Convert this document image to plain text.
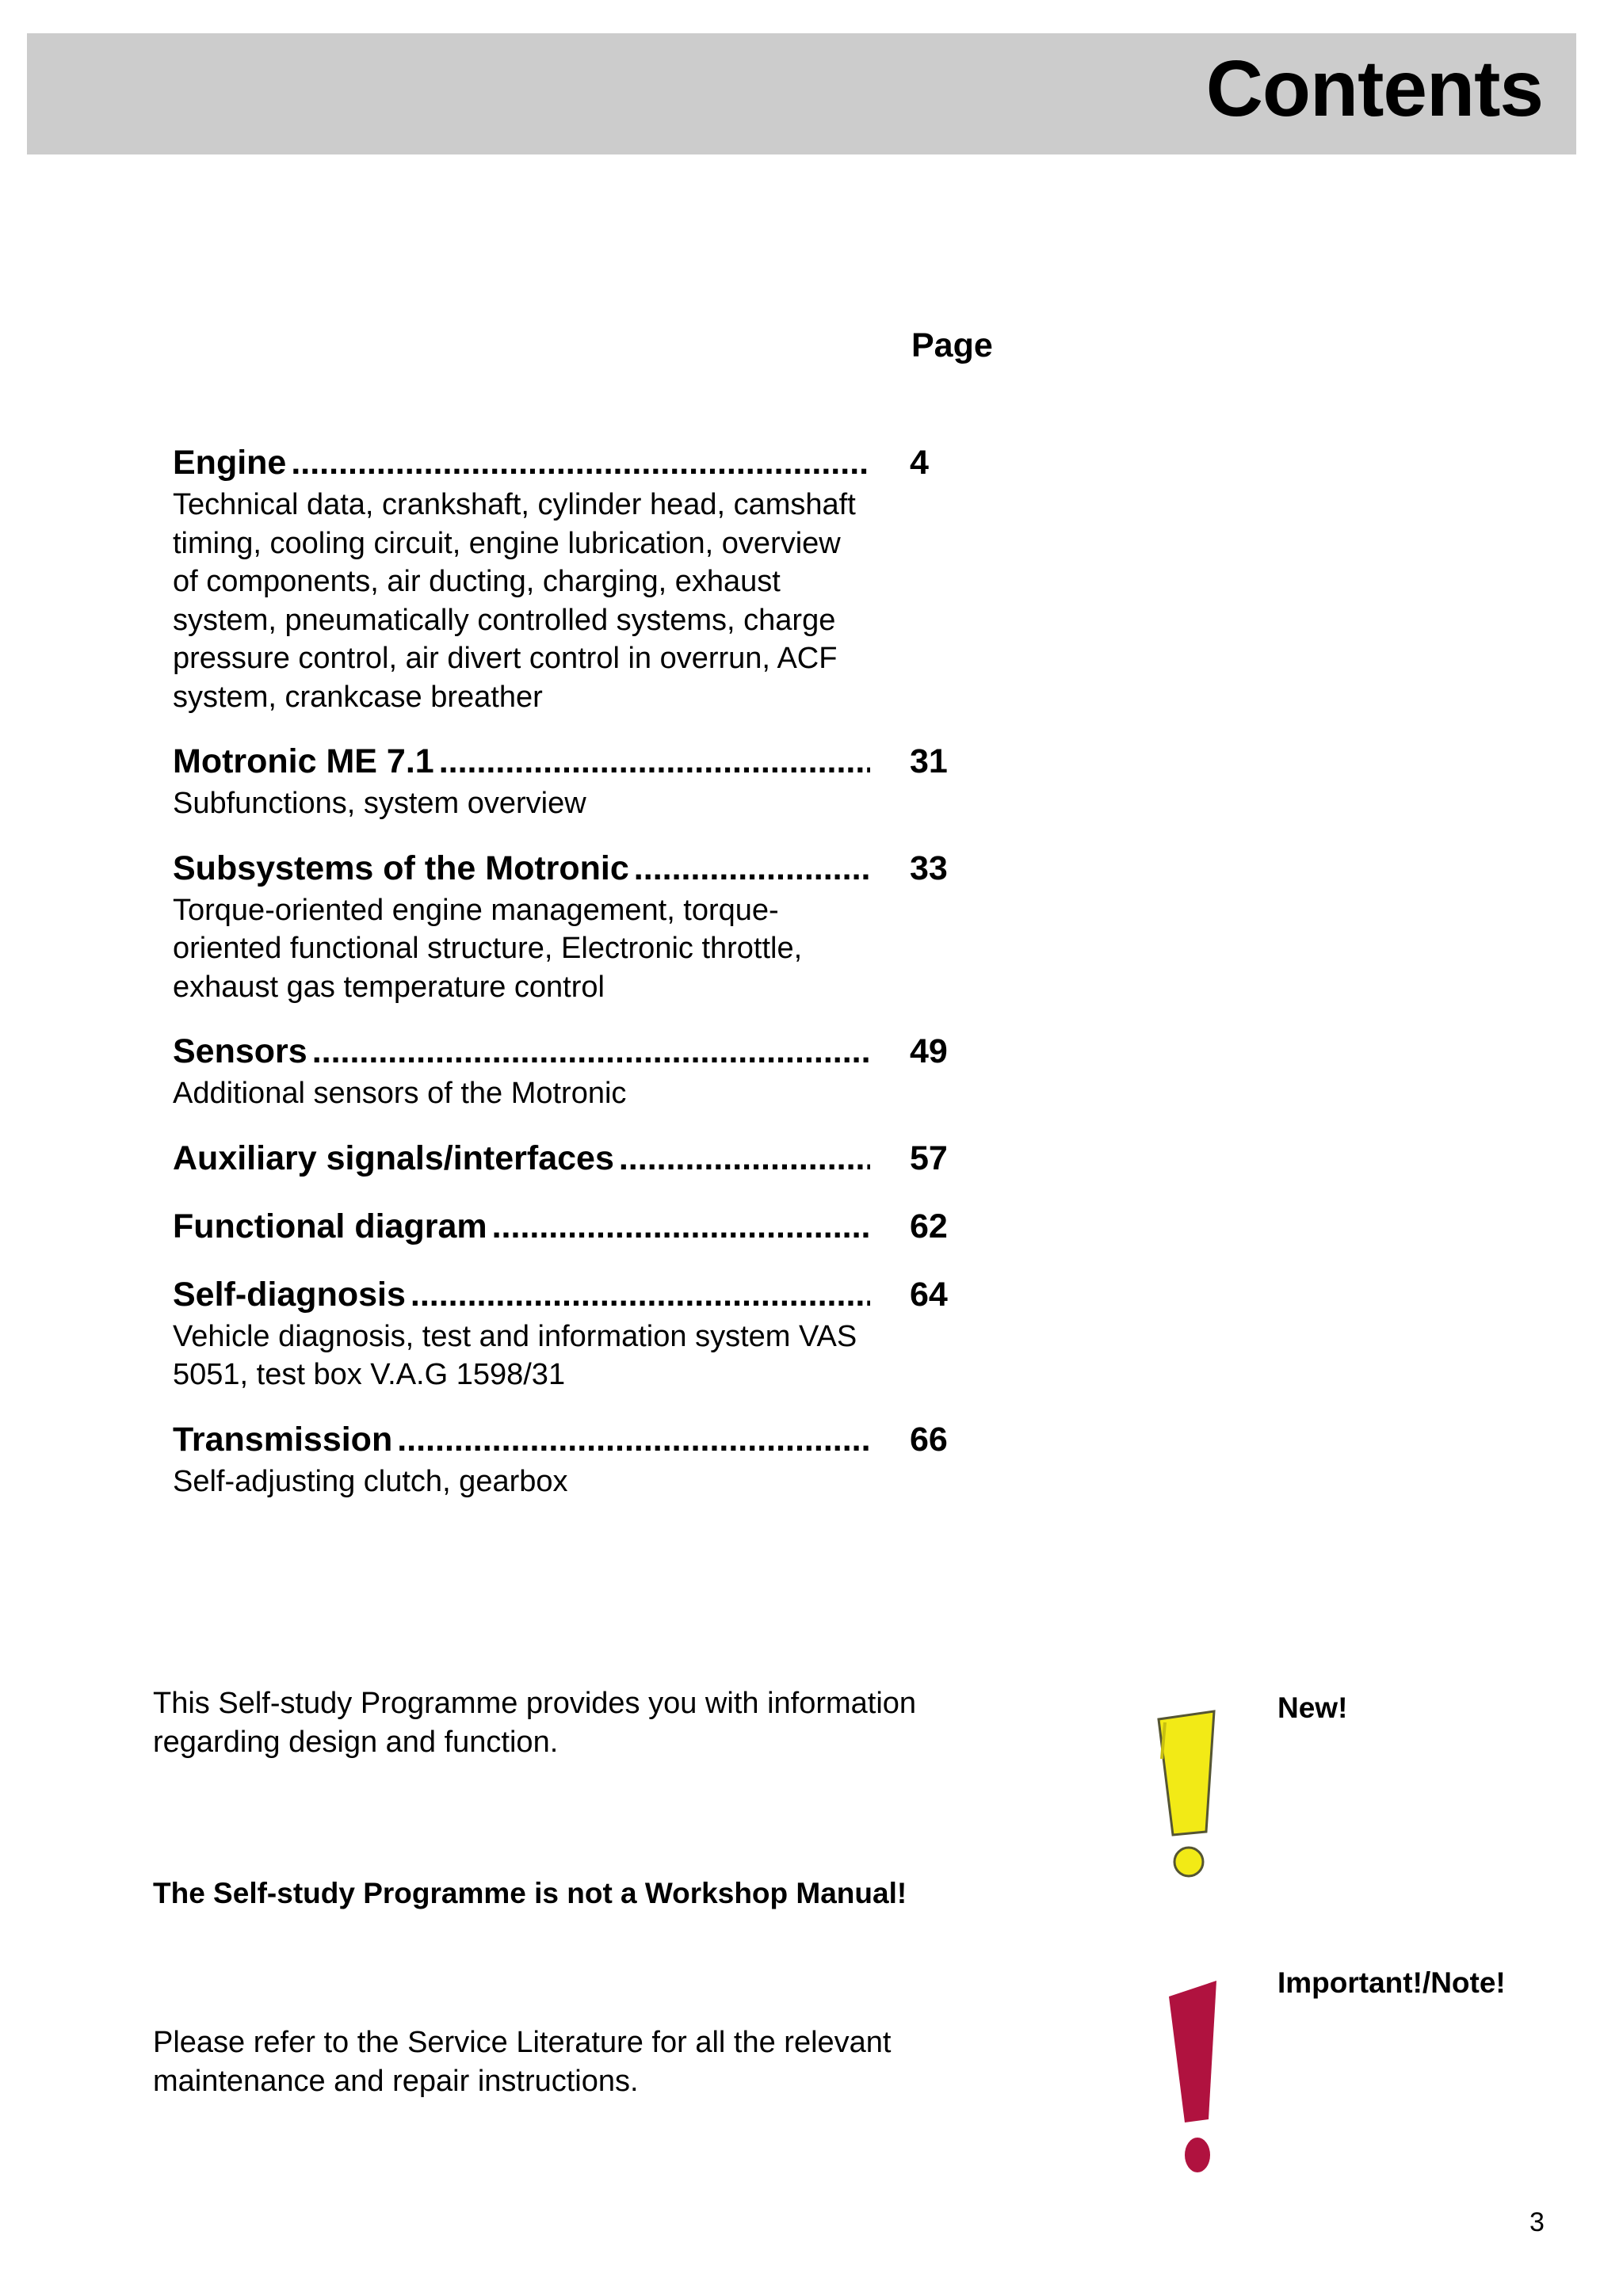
Contents
Page
Engine .....	4
Technical data, crankshaft, cylinder head, camshaft timing, cooling circuit, engine lubrication, overview of components, air ducting, charging, exhaust system, pneumatically controlled systems, charge pressure control, air divert control in overrun, ACF system, crankcase breather
Motronic ME 7.1 .....	31
Subfunctions, system overview
Subsystems of the Motronic .....	33
Torque-oriented engine management, torque-oriented functional structure, Electronic throttle, exhaust gas temperature control
Sensors .....	49
Additional sensors of the Motronic
Auxiliary signals/interfaces .....	57
Functional diagram .....	62
Self-diagnosis .....	64
Vehicle diagnosis, test and information system VAS 5051, test box V.A.G 1598/31
Transmission .....	66
Self-adjusting clutch, gearbox
This Self-study Programme provides you with information regarding design and function.
The Self-study Programme is not a Workshop Manual!
Please refer to the Service Literature for all the relevant maintenance and repair instructions.
New!
Important!/Note!
3
